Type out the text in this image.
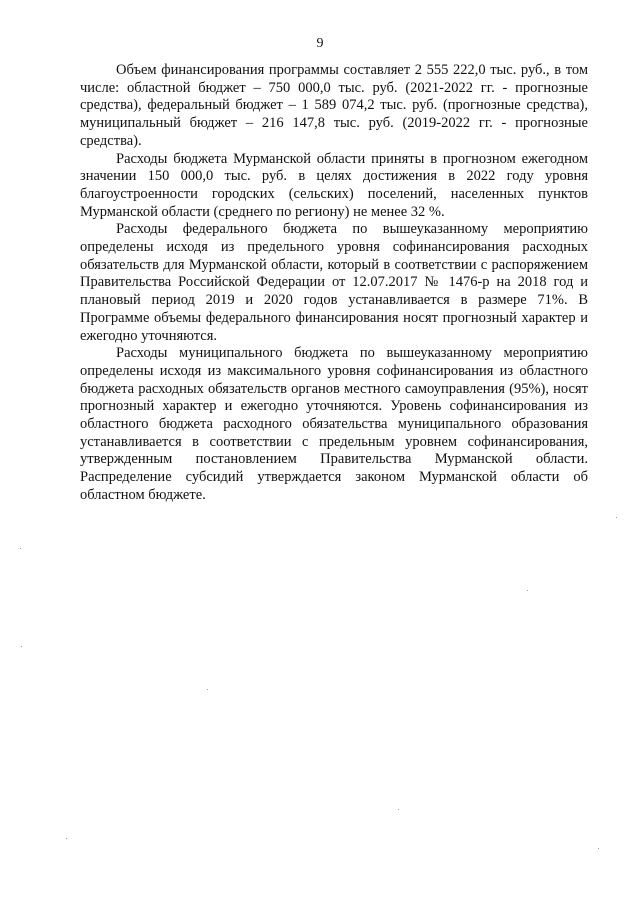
9

Объем финансирования программы составляет 2 555 222,0 тыс. руб., в том числе: областной бюджет – 750 000,0 тыс. руб. (2021-2022 гг. - прогнозные средства), федеральный бюджет – 1 589 074,2 тыс. руб. (прогнозные средства), муниципальный бюджет – 216 147,8 тыс. руб. (2019-2022 гг. - прогнозные средства).

Расходы бюджета Мурманской области приняты в прогнозном ежегодном значении 150 000,0 тыс. руб. в целях достижения в 2022 году уровня благоустроенности городских (сельских) поселений, населенных пунктов Мурманской области (среднего по региону) не менее 32 %.

Расходы федерального бюджета по вышеуказанному мероприятию определены исходя из предельного уровня софинансирования расходных обязательств для Мурманской области, который в соответствии с распоряжением Правительства Российской Федерации от 12.07.2017 № 1476-р на 2018 год и плановый период 2019 и 2020 годов устанавливается в размере 71%. В Программе объемы федерального финансирования носят прогнозный характер и ежегодно уточняются.

Расходы муниципального бюджета по вышеуказанному мероприятию определены исходя из максимального уровня софинансирования из областного бюджета расходных обязательств органов местного самоуправления (95%), носят прогнозный характер и ежегодно уточняются. Уровень софинансирования из областного бюджета расходного обязательства муниципального образования устанавливается в соответствии с предельным уровнем софинансирования, утвержденным постановлением Правительства Мурманской области. Распределение субсидий утверждается законом Мурманской области об областном бюджете.
